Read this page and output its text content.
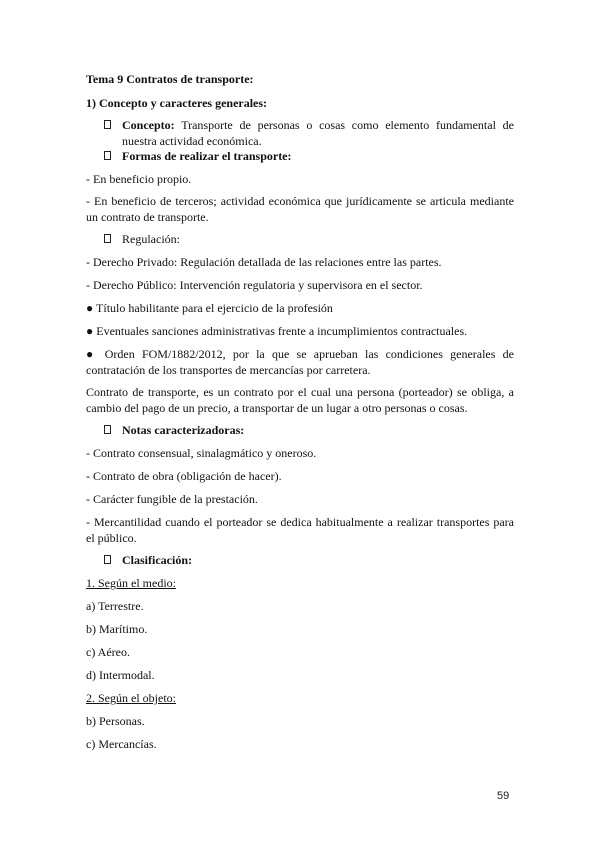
Tema 9 Contratos de transporte:

1) Concepto y caracteres generales:

Concepto: Transporte de personas o cosas como elemento fundamental de nuestra actividad económica.
Formas de realizar el transporte:

- En beneficio propio.

- En beneficio de terceros; actividad económica que jurídicamente se articula mediante un contrato de transporte.

Regulación:

- Derecho Privado: Regulación detallada de las relaciones entre las partes.

- Derecho Público: Intervención regulatoria y supervisora en el sector.

● Título habilitante para el ejercicio de la profesión

● Eventuales sanciones administrativas frente a incumplimientos contractuales.

● Orden FOM/1882/2012, por la que se aprueban las condiciones generales de contratación de los transportes de mercancías por carretera.

Contrato de transporte, es un contrato por el cual una persona (porteador) se obliga, a cambio del pago de un precio, a transportar de un lugar a otro personas o cosas.

Notas caracterizadoras:

- Contrato consensual, sinalagmático y oneroso.

- Contrato de obra (obligación de hacer).

- Carácter fungible de la prestación.

- Mercantilidad cuando el porteador se dedica habitualmente a realizar transportes para el público.

Clasificación:

1. Según el medio:

a) Terrestre.

b) Marítimo.

c) Aéreo.

d) Intermodal.

2. Según el objeto:

b) Personas.

c) Mercancías.

59
